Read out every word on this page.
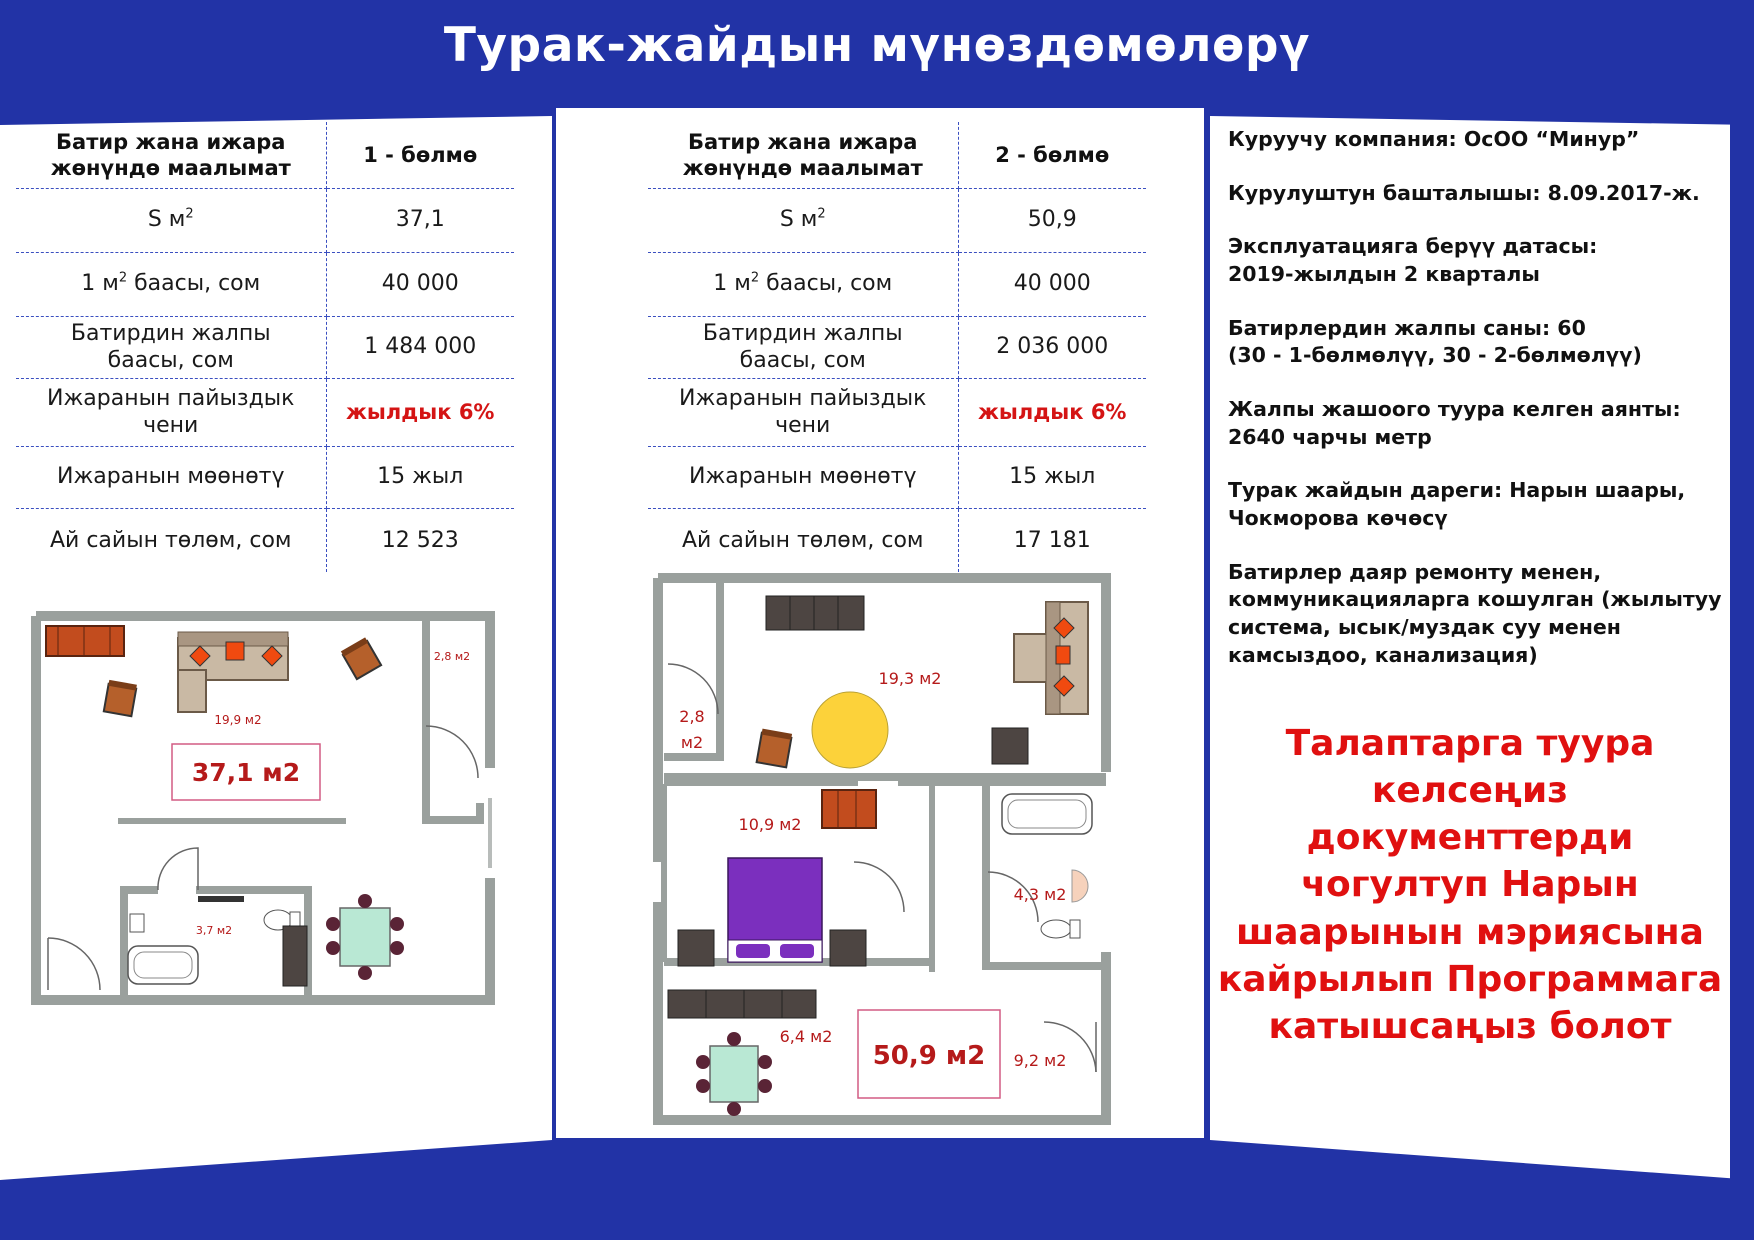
Турак-жайдын мүнөздөмөлөрү
Батир жана ижара
жөнүндө маалымат	1 - бөлмө
S $м^2$	37,1
1 $м^2$ баасы, сом	40 000
Батирдин жалпы
баасы, сом	1 484 000
Ижаранын пайыздык
чени	жылдык 6%
Ижаранын мөөнөтү	15 жыл
Ай сайын төлөм, сом	12 523
Батир жана ижара
жөнүндө маалымат	2 - бөлмө
S $м^2$	50,9
1 $м^2$ баасы, сом	40 000
Батирдин жалпы
баасы, сом	2 036 000
Ижаранын пайыздык
чени	жылдык 6%
Ижаранын мөөнөтү	15 жыл
Ай сайын төлөм, сом	17 181
19,9 м2
2,8 м2
3,7 м2
37,1 м2
19,3 м2
2,8
м2
10,9 м2
4,3 м2
6,4 м2
9,2 м2
50,9 м2

Куруучу компания: ОсОО “Минур”

Курулуштун башталышы: 8.09.2017-ж.

Эксплуатацияга берүү датасы:
2019-жылдын 2 кварталы

Батирлердин жалпы саны: 60
(30 - 1-бөлмөлүү, 30 - 2-бөлмөлүү)

Жалпы жашоого туура келген аянты:
2640 чарчы метр

Турак жайдын дареги: Нарын шаары,
Чокморова көчөсү

Батирлер даяр ремонту менен,
коммуникацияларга кошулган (жылытуу
система, ысык/муздак суу менен
камсыздоо, канализация)

Талаптарга туура
келсеңиз документтерди
чогултуп Нарын
шаарынын мэриясына
кайрылып Программага
катышсаңыз болот
